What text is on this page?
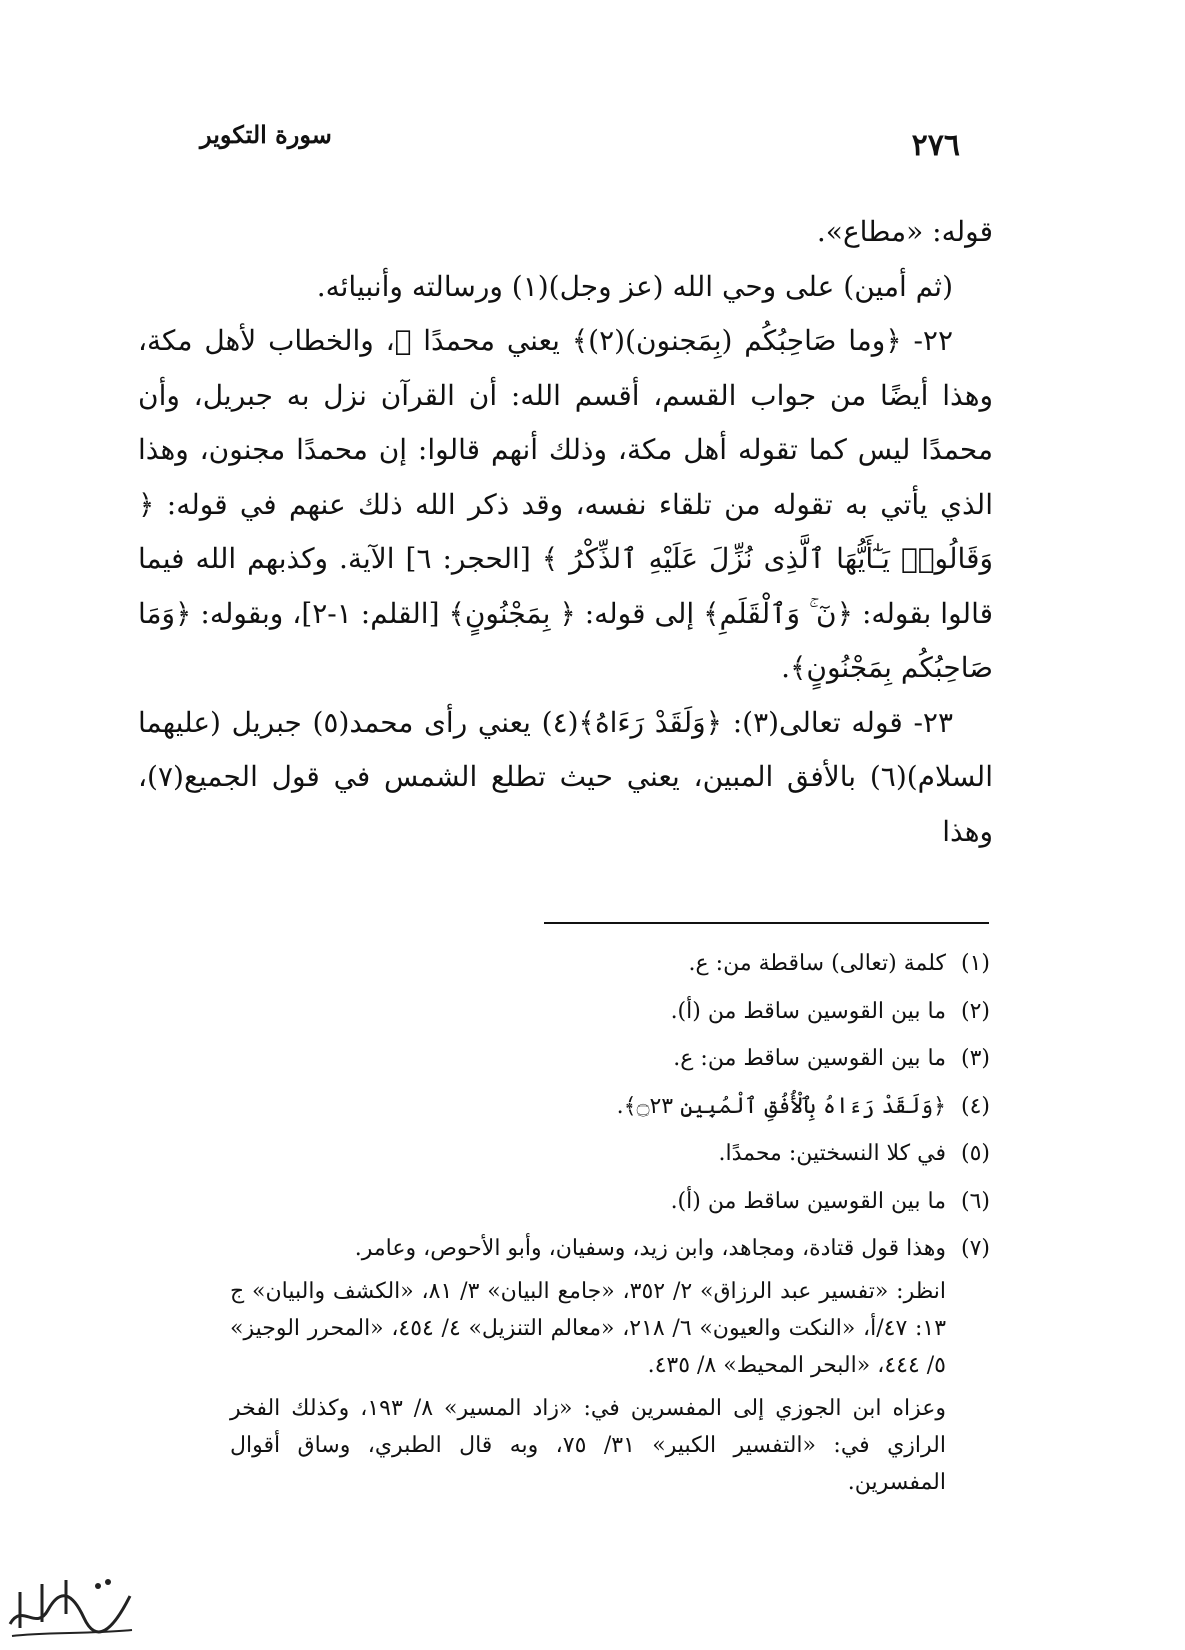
٢٧٦
سورة التكوير

قوله: «مطاع».

(ثم أمين) على وحي الله (عز وجل)(١) ورسالته وأنبيائه.

٢٢- ﴿وما صَاحِبُكُم (بِمَجنون)(٢)﴾ يعني محمدًا ﷺ، والخطاب لأهل مكة، وهذا أيضًا من جواب القسم، أقسم الله: أن القرآن نزل به جبريل، وأن محمدًا ليس كما تقوله أهل مكة، وذلك أنهم قالوا: إن محمدًا مجنون، وهذا الذي يأتي به تقوله من تلقاء نفسه، وقد ذكر الله ذلك عنهم في قوله: ﴿ وَقَالُوا۟ يَـٰٓأَيُّهَا ٱلَّذِى نُزِّلَ عَلَيْهِ ٱلذِّكْرُ ﴾ [الحجر: ٦] الآية. وكذبهم الله فيما قالوا بقوله: ﴿نٓ ۚ وَٱلْقَلَمِ﴾ إلى قوله: ﴿ بِمَجْنُونٍ﴾ [القلم: ١-٢]، وبقوله: ﴿وَمَا صَاحِبُكُم بِمَجْنُونٍ﴾.

٢٣- قوله تعالى(٣): ﴿وَلَقَدْ رَءَاهُ﴾(٤) يعني رأى محمد(٥) جبريل (عليهما السلام)(٦) بالأفق المبين، يعني حيث تطلع الشمس في قول الجميع(٧)، وهذا

(١)
كلمة (تعالى) ساقطة من: ع.
(٢)
ما بين القوسين ساقط من (أ).
(٣)
ما بين القوسين ساقط من: ع.
(٤)
﴿وَلَقَدْ رَءَاهُ بِٱلْأُفُقِ ٱلْمُبِينِ ۝٢٣﴾.
(٥)
في كلا النسختين: محمدًا.
(٦)
ما بين القوسين ساقط من (أ).
(٧)
وهذا قول قتادة، ومجاهد، وابن زيد، وسفيان، وأبو الأحوص، وعامر.
انظر: «تفسير عبد الرزاق» ٢/ ٣٥٢، «جامع البيان» ٣/ ٨١، «الكشف والبيان» ج ١٣: ٤٧/أ، «النكت والعيون» ٦/ ٢١٨، «معالم التنزيل» ٤/ ٤٥٤، «المحرر الوجيز» ٥/ ٤٤٤، «البحر المحيط» ٨/ ٤٣٥.
وعزاه ابن الجوزي إلى المفسرين في: «زاد المسير» ٨/ ١٩٣، وكذلك الفخر الرازي في: «التفسير الكبير» ٣١/ ٧٥، وبه قال الطبري، وساق أقوال المفسرين.
